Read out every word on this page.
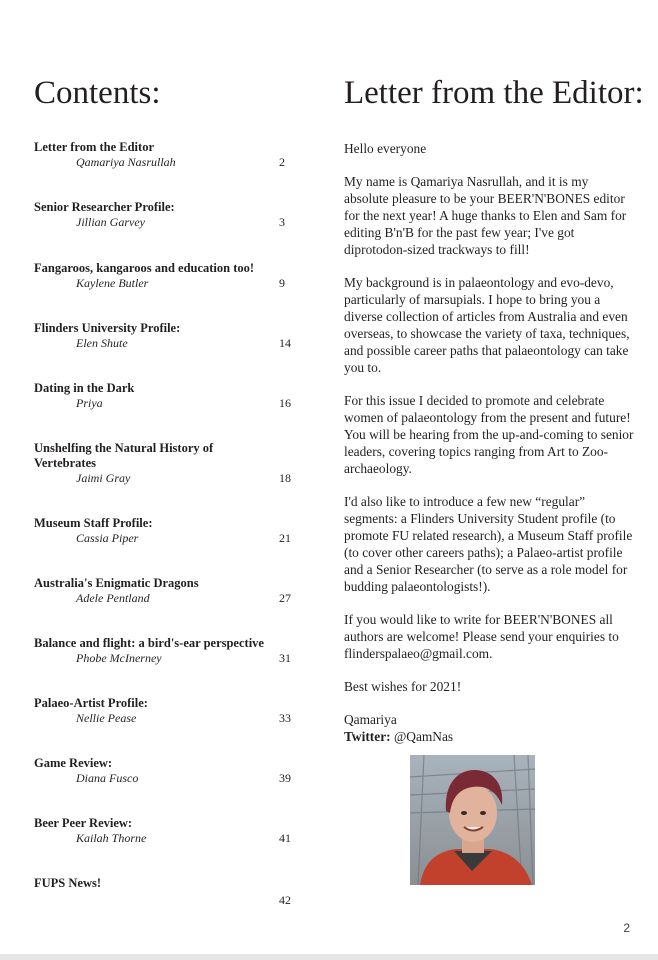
Contents:
Letter from the Editor
Qamariya Nasrullah	2
Senior Researcher Profile:
Jillian Garvey	3
Fangaroos, kangaroos and education too!
Kaylene Butler	9
Flinders University Profile:
Elen Shute	14
Dating in the Dark
Priya	16
Unshelfing the Natural History of Vertebrates
Jaimi Gray	18
Museum Staff Profile:
Cassia Piper	21
Australia's Enigmatic Dragons
Adele Pentland	27
Balance and flight: a bird's-ear perspective
Phobe McInerney	31
Palaeo-Artist Profile:
Nellie Pease	33
Game Review:
Diana Fusco	39
Beer Peer Review:
Kailah Thorne	41
FUPS News!
42
Letter from the Editor:

Hello everyone

My name is Qamariya Nasrullah, and it is my absolute pleasure to be your BEER'N'BONES editor for the next year! A huge thanks to Elen and Sam for editing B'n'B for the past few year; I've got diprotodon-sized trackways to fill!

My background is in palaeontology and evo-devo, particularly of marsupials. I hope to bring you a diverse collection of articles from Australia and even overseas, to showcase the variety of taxa, techniques, and possible career paths that palaeontology can take you to.

For this issue I decided to promote and celebrate women of palaeontology from the present and future! You will be hearing from the up-and-coming to senior leaders, covering topics ranging from Art to Zoo-archaeology.

I'd also like to introduce a few new “regular” segments: a Flinders University Student profile (to promote FU related research), a Museum Staff profile (to cover other careers paths); a Palaeo-artist profile and a Senior Researcher (to serve as a role model for budding palaeontologists!).

If you would like to write for BEER'N'BONES all authors are welcome! Please send your enquiries to flinderspalaeo@gmail.com.

Best wishes for 2021!

Qamariya

Twitter: @QamNas

2
